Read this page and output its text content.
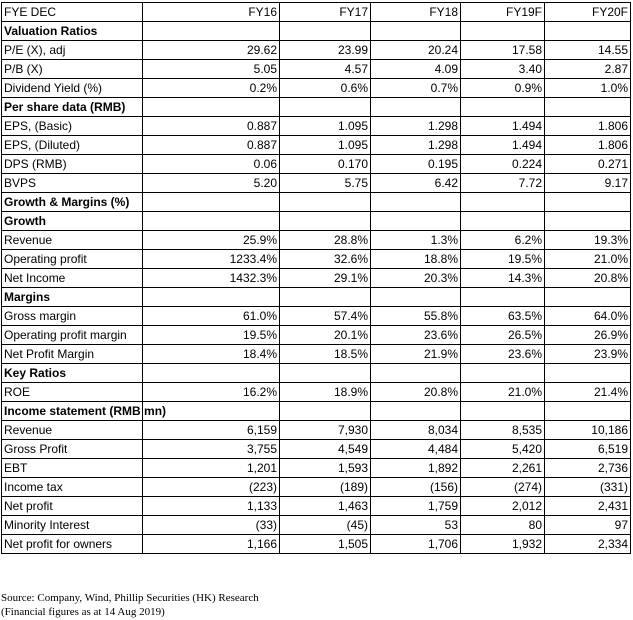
FYE DEC	FY16	FY17	FY18	FY19F	FY20F
Valuation Ratios					
P/E (X), adj	29.62	23.99	20.24	17.58	14.55
P/B (X)	5.05	4.57	4.09	3.40	2.87
Dividend Yield (%)	0.2%	0.6%	0.7%	0.9%	1.0%
Per share data (RMB)					
EPS, (Basic)	0.887	1.095	1.298	1.494	1.806
EPS, (Diluted)	0.887	1.095	1.298	1.494	1.806
DPS (RMB)	0.06	0.170	0.195	0.224	0.271
BVPS	5.20	5.75	6.42	7.72	9.17
Growth & Margins (%)					
Growth					
Revenue	25.9%	28.8%	1.3%	6.2%	19.3%
Operating profit	1233.4%	32.6%	18.8%	19.5%	21.0%
Net Income	1432.3%	29.1%	20.3%	14.3%	20.8%
Margins					
Gross margin	61.0%	57.4%	55.8%	63.5%	64.0%
Operating profit margin	19.5%	20.1%	23.6%	26.5%	26.9%
Net Profit Margin	18.4%	18.5%	21.9%	23.6%	23.9%
Key Ratios					
ROE	16.2%	18.9%	20.8%	21.0%	21.4%
Income statement (RMB mn)					
Revenue	6,159	7,930	8,034	8,535	10,186
Gross Profit	3,755	4,549	4,484	5,420	6,519
EBT	1,201	1,593	1,892	2,261	2,736
Income tax	(223)	(189)	(156)	(274)	(331)
Net profit	1,133	1,463	1,759	2,012	2,431
Minority Interest	(33)	(45)	53	80	97
Net profit for owners	1,166	1,505	1,706	1,932	2,334
Source: Company, Wind, Phillip Securities (HK) Research
(Financial figures as at 14 Aug 2019)
